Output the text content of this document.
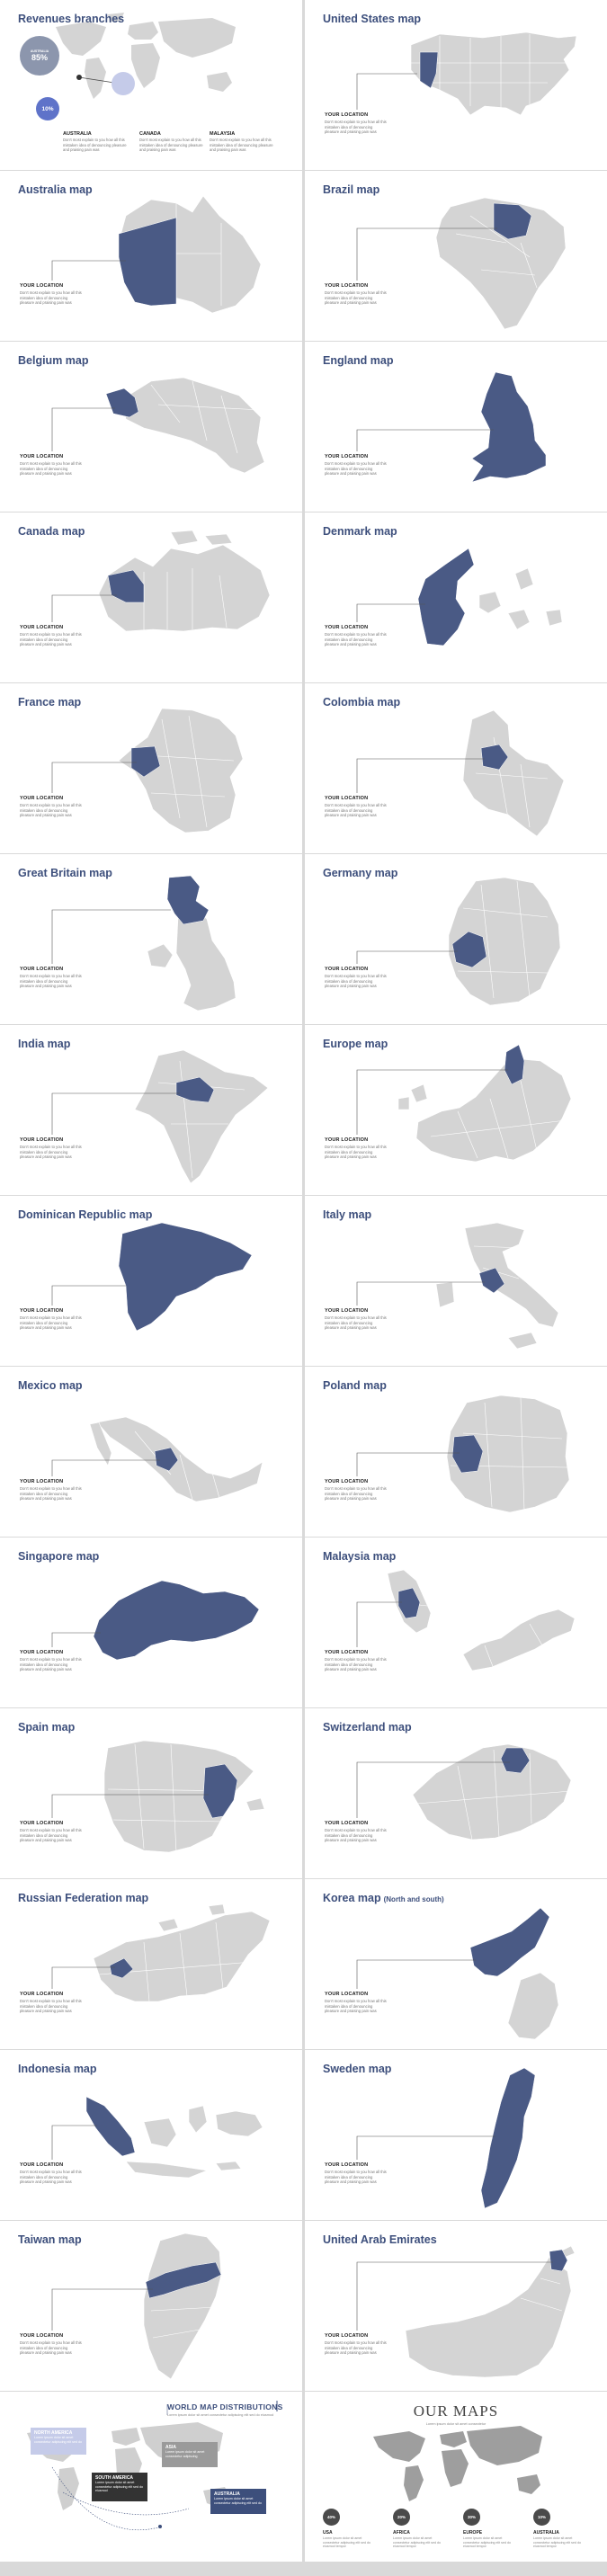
Revenues branches
AUSTRALIA
85%
10%
AUSTRALIA
Don't most explain to you how all this mistaken idea of denouncing pleasure and praising pain was
CANADA
Don't most explain to you how all this mistaken idea of denouncing pleasure and praising pain was
MALAYSIA
Don't most explain to you how all this mistaken idea of denouncing pleasure and praising pain was
WORLD MAP DISTRIBUTIONS
Lorem ipsum dolor sit amet consectetur adipiscing elit sed do eiusmod
NORTH AMERICA
Lorem ipsum dolor sit amet consectetur adipiscing elit sed do
ASIA
Lorem ipsum dolor sit amet consectetur adipiscing
SOUTH AMERICA
Lorem ipsum dolor sit amet consectetur adipiscing elit sed do eiusmod
AUSTRALIA
Lorem ipsum dolor sit amet consectetur adipiscing elit sed do
OUR MAPS
Lorem ipsum dolor sit amet consectetur
40%
USA
Lorem ipsum dolor sit amet consectetur adipiscing elit sed do eiusmod tempor
20%
AFRICA
Lorem ipsum dolor sit amet consectetur adipiscing elit sed do eiusmod tempor
30%
EUROPE
Lorem ipsum dolor sit amet consectetur adipiscing elit sed do eiusmod tempor
10%
AUSTRALIA
Lorem ipsum dolor sit amet consectetur adipiscing elit sed do eiusmod tempor
United States map
YOUR LOCATION
Don't most explain to you how all this mistaken idea of denouncing pleasure and praising pain was
Australia map
YOUR LOCATION
Don't most explain to you how all this mistaken idea of denouncing pleasure and praising pain was
Brazil map
YOUR LOCATION
Don't most explain to you how all this mistaken idea of denouncing pleasure and praising pain was
Belgium map
YOUR LOCATION
Don't most explain to you how all this mistaken idea of denouncing pleasure and praising pain was
England map
YOUR LOCATION
Don't most explain to you how all this mistaken idea of denouncing pleasure and praising pain was
Canada map
YOUR LOCATION
Don't most explain to you how all this mistaken idea of denouncing pleasure and praising pain was
Denmark map
YOUR LOCATION
Don't most explain to you how all this mistaken idea of denouncing pleasure and praising pain was
France map
YOUR LOCATION
Don't most explain to you how all this mistaken idea of denouncing pleasure and praising pain was
Colombia map
YOUR LOCATION
Don't most explain to you how all this mistaken idea of denouncing pleasure and praising pain was
Great Britain map
YOUR LOCATION
Don't most explain to you how all this mistaken idea of denouncing pleasure and praising pain was
Germany map
YOUR LOCATION
Don't most explain to you how all this mistaken idea of denouncing pleasure and praising pain was
India map
YOUR LOCATION
Don't most explain to you how all this mistaken idea of denouncing pleasure and praising pain was
Europe map
YOUR LOCATION
Don't most explain to you how all this mistaken idea of denouncing pleasure and praising pain was
Dominican Republic map
YOUR LOCATION
Don't most explain to you how all this mistaken idea of denouncing pleasure and praising pain was
Italy map
YOUR LOCATION
Don't most explain to you how all this mistaken idea of denouncing pleasure and praising pain was
Mexico map
YOUR LOCATION
Don't most explain to you how all this mistaken idea of denouncing pleasure and praising pain was
Poland map
YOUR LOCATION
Don't most explain to you how all this mistaken idea of denouncing pleasure and praising pain was
Singapore map
YOUR LOCATION
Don't most explain to you how all this mistaken idea of denouncing pleasure and praising pain was
Malaysia map
YOUR LOCATION
Don't most explain to you how all this mistaken idea of denouncing pleasure and praising pain was
Spain map
YOUR LOCATION
Don't most explain to you how all this mistaken idea of denouncing pleasure and praising pain was
Switzerland map
YOUR LOCATION
Don't most explain to you how all this mistaken idea of denouncing pleasure and praising pain was
Russian Federation map
YOUR LOCATION
Don't most explain to you how all this mistaken idea of denouncing pleasure and praising pain was
Korea map (North and south)
YOUR LOCATION
Don't most explain to you how all this mistaken idea of denouncing pleasure and praising pain was
Indonesia map
YOUR LOCATION
Don't most explain to you how all this mistaken idea of denouncing pleasure and praising pain was
Sweden map
YOUR LOCATION
Don't most explain to you how all this mistaken idea of denouncing pleasure and praising pain was
Taiwan map
YOUR LOCATION
Don't most explain to you how all this mistaken idea of denouncing pleasure and praising pain was
United Arab Emirates
YOUR LOCATION
Don't most explain to you how all this mistaken idea of denouncing pleasure and praising pain was
